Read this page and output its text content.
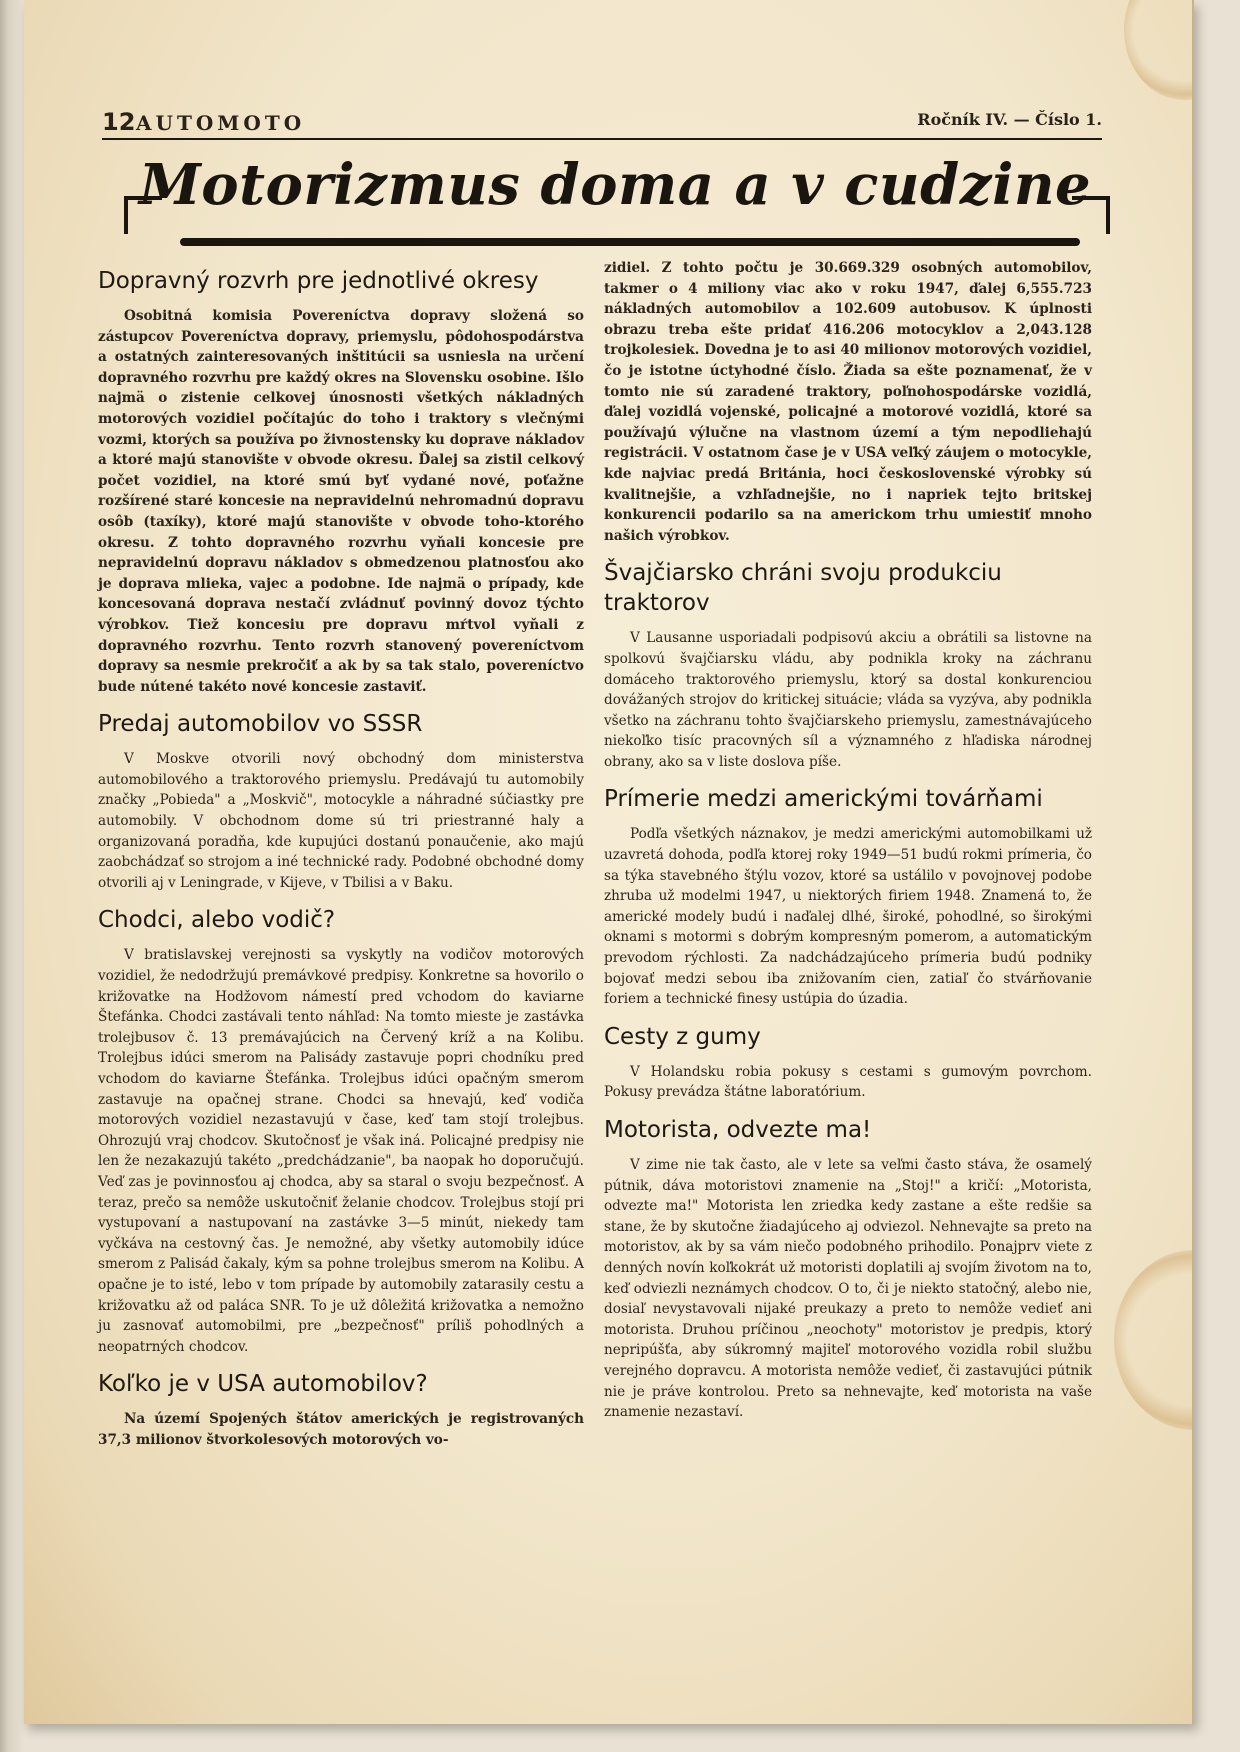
12 AUTOMOTO	Ročník IV. — Číslo 1.
Motorizmus doma a v cudzine
Dopravný rozvrh pre jednotlivé okresy

Osobitná komisia Povereníctva dopravy složená so zástupcov Povereníctva dopravy, priemyslu, pôdohospodárstva a ostatných zainteresovaných inštitúcii sa usniesla na určení dopravného rozvrhu pre každý okres na Slovensku osobine. Išlo najmä o zistenie celkovej únosnosti všetkých nákladných motorových vozidiel počítajúc do toho i traktory s vlečnými vozmi, ktorých sa používa po živnostensky ku doprave nákladov a ktoré majú stanovište v obvode okresu. Ďalej sa zistil celkový počet vozidiel, na ktoré smú byť vydané nové, poťažne rozšírené staré koncesie na nepravidelnú nehromadnú dopravu osôb (taxíky), ktoré majú stanovište v obvode toho-ktorého okresu. Z tohto dopravného rozvrhu vyňali koncesie pre nepravidelnú dopravu nákladov s obmedzenou platnosťou ako je doprava mlieka, vajec a podobne. Ide najmä o prípady, kde koncesovaná doprava nestačí zvládnuť povinný dovoz týchto výrobkov. Tiež koncesiu pre dopravu mŕtvol vyňali z dopravného rozvrhu. Tento rozvrh stanovený povereníctvom dopravy sa nesmie prekročiť a ak by sa tak stalo, povereníctvo bude nútené takéto nové koncesie zastaviť.

Predaj automobilov vo SSSR

V Moskve otvorili nový obchodný dom ministerstva automobilového a traktorového priemyslu. Predávajú tu automobily značky „Pobieda" a „Moskvič", motocykle a náhradné súčiastky pre automobily. V obchodnom dome sú tri priestranné haly a organizovaná poradňa, kde kupujúci dostanú ponaučenie, ako majú zaobchádzať so strojom a iné technické rady. Podobné obchodné domy otvorili aj v Leningrade, v Kijeve, v Tbilisi a v Baku.

Chodci, alebo vodič?

V bratislavskej verejnosti sa vyskytly na vodičov motorových vozidiel, že nedodržujú premávkové predpisy. Konkretne sa hovorilo o križovatke na Hodžovom námestí pred vchodom do kaviarne Štefánka. Chodci zastávali tento náhľad: Na tomto mieste je zastávka trolejbusov č. 13 premávajúcich na Červený kríž a na Kolibu. Trolejbus idúci smerom na Palisády zastavuje popri chodníku pred vchodom do kaviarne Štefánka. Trolejbus idúci opačným smerom zastavuje na opačnej strane. Chodci sa hnevajú, keď vodiča motorových vozidiel nezastavujú v čase, keď tam stojí trolejbus. Ohrozujú vraj chodcov. Skutočnosť je však iná. Policajné predpisy nie len že nezakazujú takéto „predchádzanie", ba naopak ho doporučujú. Veď zas je povinnosťou aj chodca, aby sa staral o svoju bezpečnosť. A teraz, prečo sa nemôže uskutočniť želanie chodcov. Trolejbus stojí pri vystupovaní a nastupovaní na zastávke 3—5 minút, niekedy tam vyčkáva na cestovný čas. Je nemožné, aby všetky automobily idúce smerom z Palisád čakaly, kým sa pohne trolejbus smerom na Kolibu. A opačne je to isté, lebo v tom prípade by automobily zatarasily cestu a križovatku až od paláca SNR. To je už dôležitá križovatka a nemožno ju zasnovať automobilmi, pre „bezpečnosť" príliš pohodlných a neopatrných chodcov.

Koľko je v USA automobilov?

Na území Spojených štátov amerických je registrovaných 37,3 milionov štvorkolesových motorových vo-

zidiel. Z tohto počtu je 30.669.329 osobných automobilov, takmer o 4 miliony viac ako v roku 1947, ďalej 6,555.723 nákladných automobilov a 102.609 autobusov. K úplnosti obrazu treba ešte pridať 416.206 motocyklov a 2,043.128 trojkolesiek. Dovedna je to asi 40 milionov motorových vozidiel, čo je istotne úctyhodné číslo. Žiada sa ešte poznamenať, že v tomto nie sú zaradené traktory, poľnohospodárske vozidlá, ďalej vozidlá vojenské, policajné a motorové vozidlá, ktoré sa používajú výlučne na vlastnom území a tým nepodliehajú registrácii. V ostatnom čase je v USA veľký záujem o motocykle, kde najviac predá Británia, hoci československé výrobky sú kvalitnejšie, a vzhľadnejšie, no i napriek tejto britskej konkurencii podarilo sa na americkom trhu umiestiť mnoho našich výrobkov.

Švajčiarsko chráni svoju produkciu traktorov

V Lausanne usporiadali podpisovú akciu a obrátili sa listovne na spolkovú švajčiarsku vládu, aby podnikla kroky na záchranu domáceho traktorového priemyslu, ktorý sa dostal konkurenciou dovážaných strojov do kritickej situácie; vláda sa vyzýva, aby podnikla všetko na záchranu tohto švajčiarskeho priemyslu, zamestnávajúceho niekoľko tisíc pracovných síl a významného z hľadiska národnej obrany, ako sa v liste doslova píše.

Prímerie medzi americkými továrňami

Podľa všetkých náznakov, je medzi americkými automobilkami už uzavretá dohoda, podľa ktorej roky 1949—51 budú rokmi prímeria, čo sa týka stavebného štýlu vozov, ktoré sa ustálilo v povojnovej podobe zhruba už modelmi 1947, u niektorých firiem 1948. Znamená to, že americké modely budú i naďalej dlhé, široké, pohodlné, so širokými oknami s motormi s dobrým kompresným pomerom, a automatickým prevodom rýchlosti. Za nadchádzajúceho prímeria budú podniky bojovať medzi sebou iba znižovaním cien, zatiaľ čo stvárňovanie foriem a technické finesy ustúpia do úzadia.

Cesty z gumy

V Holandsku robia pokusy s cestami s gumovým povrchom. Pokusy prevádza štátne laboratórium.

Motorista, odvezte ma!

V zime nie tak často, ale v lete sa veľmi často stáva, že osamelý pútnik, dáva motoristovi znamenie na „Stoj!" a kričí: „Motorista, odvezte ma!" Motorista len zriedka kedy zastane a ešte redšie sa stane, že by skutočne žiadajúceho aj odviezol. Nehnevajte sa preto na motoristov, ak by sa vám niečo podobného prihodilo. Ponajprv viete z denných novín koľkokrát už motoristi doplatili aj svojím životom na to, keď odviezli neznámych chodcov. O to, či je niekto statočný, alebo nie, dosiaľ nevystavovali nijaké preukazy a preto to nemôže vedieť ani motorista. Druhou príčinou „neochoty" motoristov je predpis, ktorý nepripúšťa, aby súkromný majiteľ motorového vozidla robil službu verejného dopravcu. A motorista nemôže vedieť, či zastavujúci pútnik nie je práve kontrolou. Preto sa nehnevajte, keď motorista na vaše znamenie nezastaví.
